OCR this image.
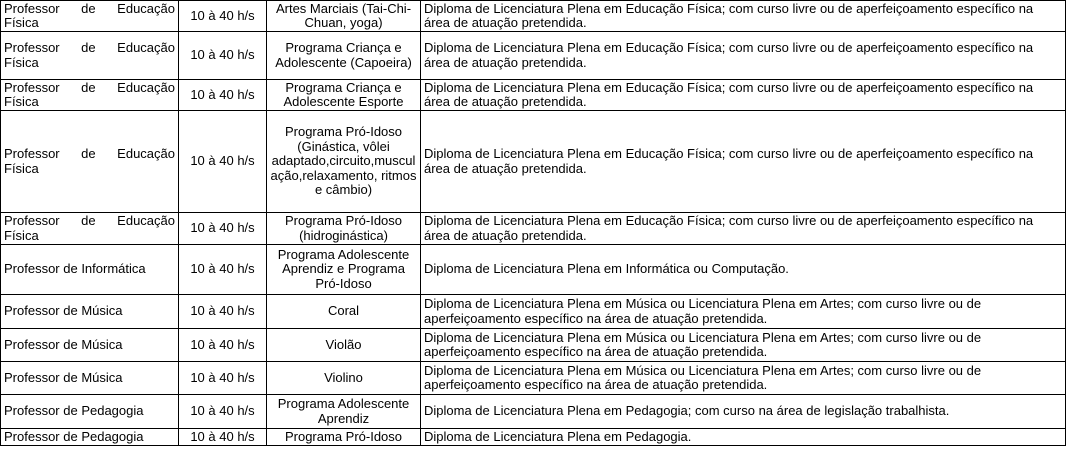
Professor de Educação Física	10 à 40 h/s	Artes Marciais (Tai-Chi-Chuan, yoga)	Diploma de Licenciatura Plena em Educação Física; com curso livre ou de aperfeiçoamento específico na área de atuação pretendida.
Professor de Educação Física	10 à 40 h/s	Programa Criança e Adolescente (Capoeira)	Diploma de Licenciatura Plena em Educação Física; com curso livre ou de aperfeiçoamento específico na área de atuação pretendida.
Professor de Educação Física	10 à 40 h/s	Programa Criança e Adolescente Esporte	Diploma de Licenciatura Plena em Educação Física; com curso livre ou de aperfeiçoamento específico na área de atuação pretendida.
Professor de Educação Física	10 à 40 h/s	Programa Pró-Idoso (Ginástica, vôlei adaptado,circuito,musculação,relaxamento, ritmos e câmbio)	Diploma de Licenciatura Plena em Educação Física; com curso livre ou de aperfeiçoamento específico na área de atuação pretendida.
Professor de Educação Física	10 à 40 h/s	Programa Pró-Idoso (hidroginástica)	Diploma de Licenciatura Plena em Educação Física; com curso livre ou de aperfeiçoamento específico na área de atuação pretendida.
Professor de Informática	10 à 40 h/s	Programa Adolescente Aprendiz e Programa Pró-Idoso	Diploma de Licenciatura Plena em Informática ou Computação.
Professor de Música	10 à 40 h/s	Coral	Diploma de Licenciatura Plena em Música ou Licenciatura Plena em Artes; com curso livre ou de aperfeiçoamento específico na área de atuação pretendida.
Professor de Música	10 à 40 h/s	Violão	Diploma de Licenciatura Plena em Música ou Licenciatura Plena em Artes; com curso livre ou de aperfeiçoamento específico na área de atuação pretendida.
Professor de Música	10 à 40 h/s	Violino	Diploma de Licenciatura Plena em Música ou Licenciatura Plena em Artes; com curso livre ou de aperfeiçoamento específico na área de atuação pretendida.
Professor de Pedagogia	10 à 40 h/s	Programa Adolescente Aprendiz	Diploma de Licenciatura Plena em Pedagogia; com curso na área de legislação trabalhista.
Professor de Pedagogia	10 à 40 h/s	Programa Pró-Idoso	Diploma de Licenciatura Plena em Pedagogia.
